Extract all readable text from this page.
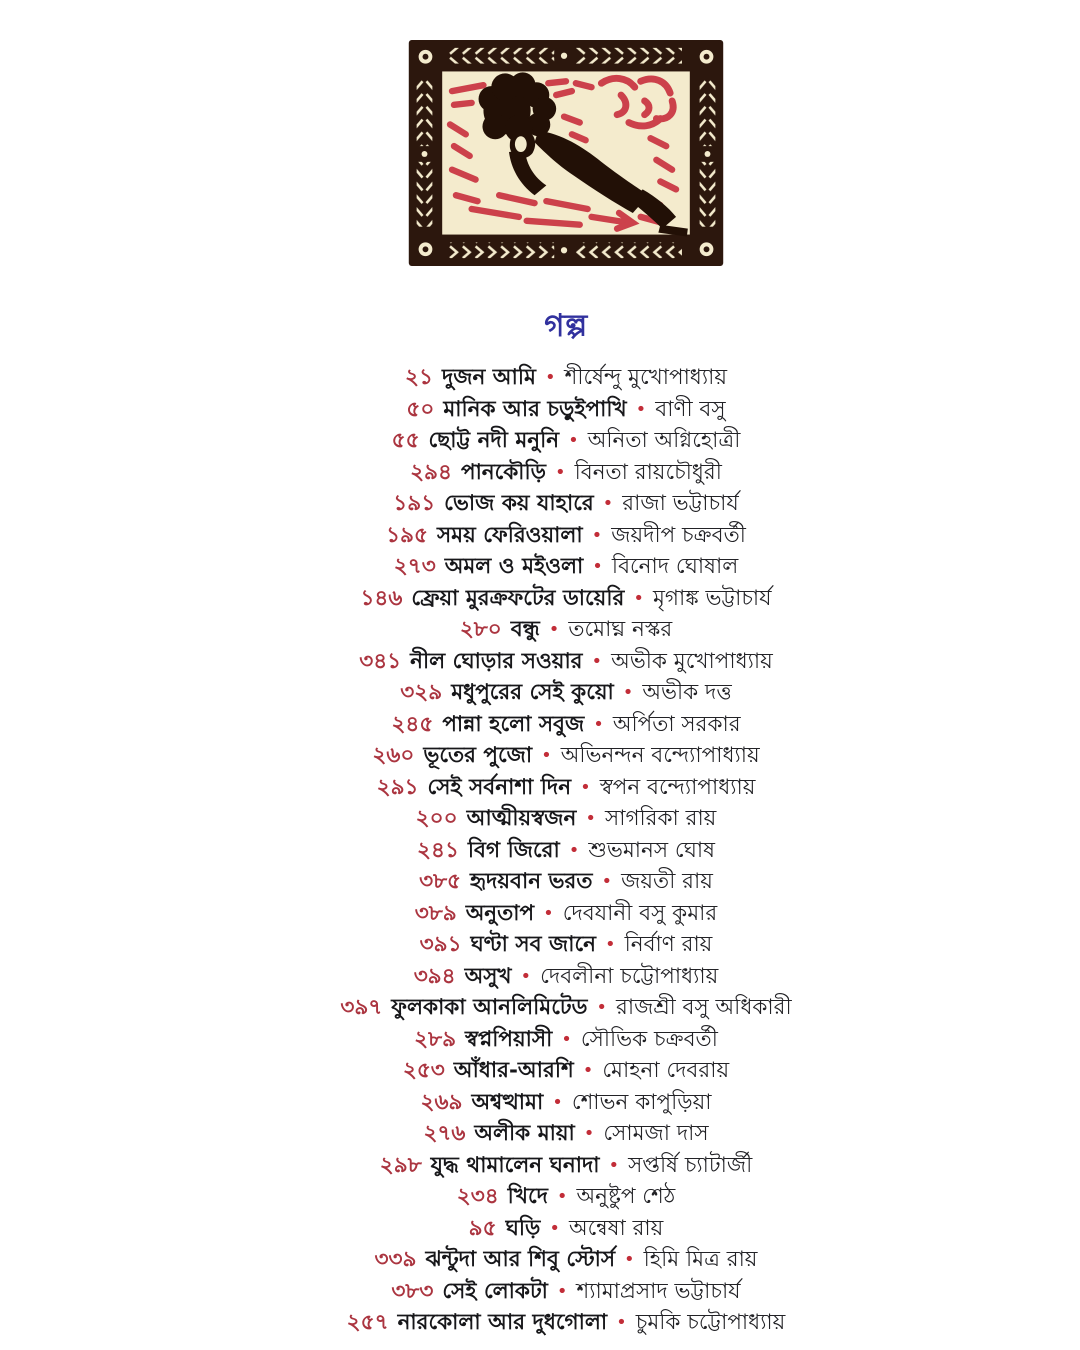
গল্প
২১ দুজন আমি • শীর্ষেন্দু মুখোপাধ্যায়
৫০ মানিক আর চড়ুইপাখি • বাণী বসু
৫৫ ছোট্ট নদী মনুনি • অনিতা অগ্নিহোত্রী
২৯৪ পানকৌড়ি • বিনতা রায়চৌধুরী
১৯১ ভোজ কয় যাহারে • রাজা ভট্টাচার্য
১৯৫ সময় ফেরিওয়ালা • জয়দীপ চক্রবর্তী
২৭৩ অমল ও মইওলা • বিনোদ ঘোষাল
১৪৬ ফ্রেয়া মুরক্রফটের ডায়েরি • মৃগাঙ্ক ভট্টাচার্য
২৮০ বন্ধু • তমোঘ্ন নস্কর
৩৪১ নীল ঘোড়ার সওয়ার • অভীক মুখোপাধ্যায়
৩২৯ মধুপুরের সেই কুয়ো • অভীক দত্ত
২৪৫ পান্না হলো সবুজ • অর্পিতা সরকার
২৬০ ভূতের পুজো • অভিনন্দন বন্দ্যোপাধ্যায়
২৯১ সেই সর্বনাশা দিন • স্বপন বন্দ্যোপাধ্যায়
২০০ আত্মীয়স্বজন • সাগরিকা রায়
২৪১ বিগ জিরো • শুভমানস ঘোষ
৩৮৫ হৃদয়বান ভরত • জয়তী রায়
৩৮৯ অনুতাপ • দেবযানী বসু কুমার
৩৯১ ঘণ্টা সব জানে • নির্বাণ রায়
৩৯৪ অসুখ • দেবলীনা চট্টোপাধ্যায়
৩৯৭ ফুলকাকা আনলিমিটেড • রাজশ্রী বসু অধিকারী
২৮৯ স্বপ্নপিয়াসী • সৌভিক চক্রবর্তী
২৫৩ আঁধার-আরশি • মোহনা দেবরায়
২৬৯ অশ্বত্থামা • শোভন কাপুড়িয়া
২৭৬ অলীক মায়া • সোমজা দাস
২৯৮ যুদ্ধ থামালেন ঘনাদা • সপ্তর্ষি চ্যাটার্জী
২৩৪ খিদে • অনুষ্টুপ শেঠ
৯৫ ঘড়ি • অন্বেষা রায়
৩৩৯ ঝন্টুদা আর শিবু স্টোর্স • হিমি মিত্র রায়
৩৮৩ সেই লোকটা • শ্যামাপ্রসাদ ভট্টাচার্য
২৫৭ নারকোলা আর দুধগোলা • চুমকি চট্টোপাধ্যায়
